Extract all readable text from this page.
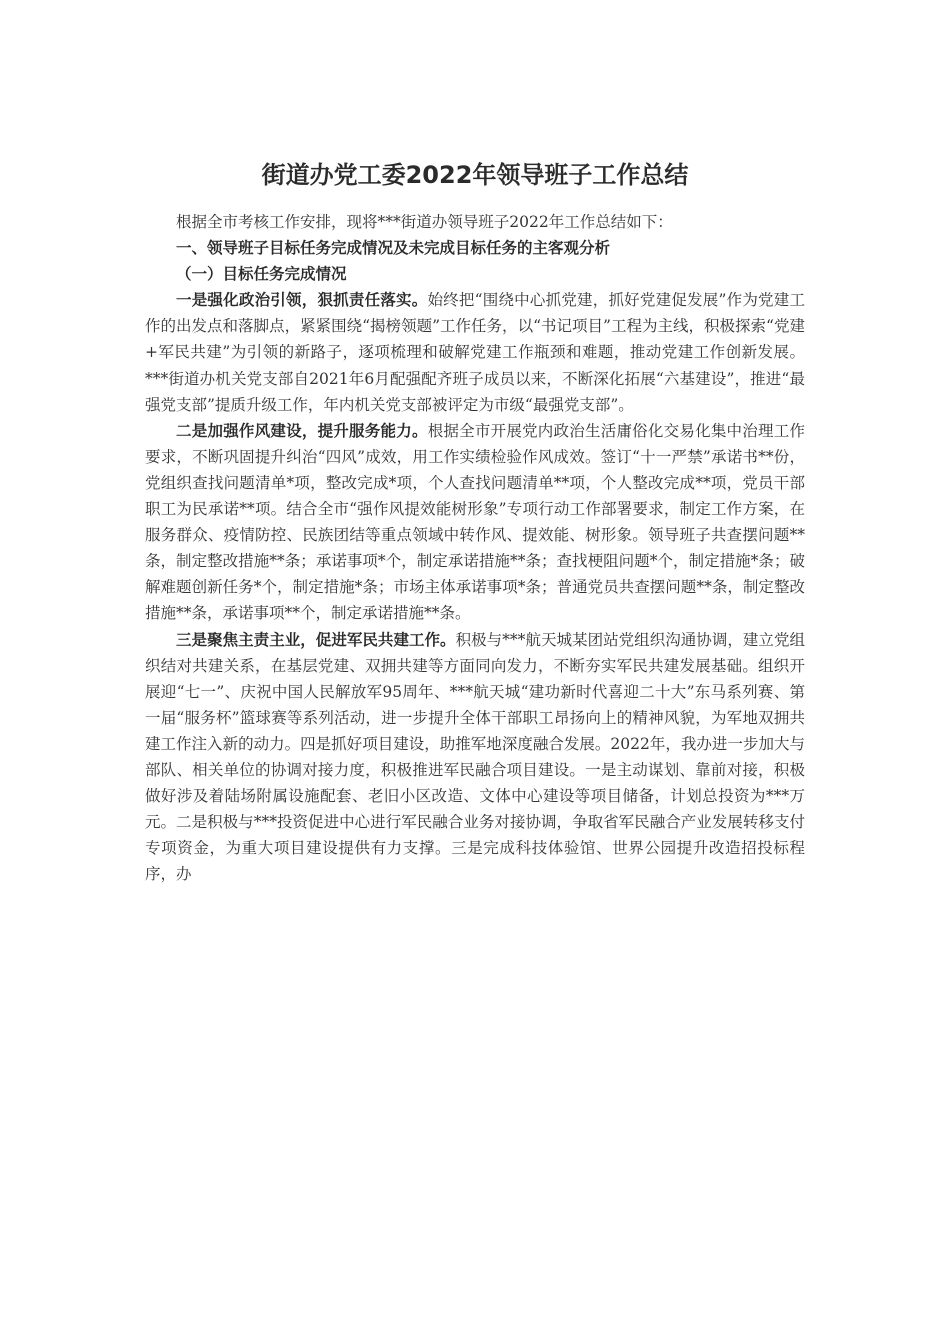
街道办党工委2022年领导班子工作总结

根据全市考核工作安排，现将***街道办领导班子2022年工作总结如下：

一、领导班子目标任务完成情况及未完成目标任务的主客观分析

（一）目标任务完成情况

一是强化政治引领，狠抓责任落实。始终把“围绕中心抓党建，抓好党建促发展”作为党建工作的出发点和落脚点，紧紧围绕“揭榜领题”工作任务，以“书记项目”工程为主线，积极探索“党建+军民共建”为引领的新路子，逐项梳理和破解党建工作瓶颈和难题，推动党建工作创新发展。***街道办机关党支部自2021年6月配强配齐班子成员以来，不断深化拓展“六基建设”，推进“最强党支部”提质升级工作，年内机关党支部被评定为市级“最强党支部”。

二是加强作风建设，提升服务能力。根据全市开展党内政治生活庸俗化交易化集中治理工作要求，不断巩固提升纠治“四风”成效，用工作实绩检验作风成效。签订“十一严禁”承诺书**份，党组织查找问题清单*项，整改完成*项，个人查找问题清单**项，个人整改完成**项，党员干部职工为民承诺**项。结合全市“强作风提效能树形象”专项行动工作部署要求，制定工作方案，在服务群众、疫情防控、民族团结等重点领域中转作风、提效能、树形象。领导班子共查摆问题**条，制定整改措施**条；承诺事项*个，制定承诺措施**条；查找梗阻问题*个，制定措施*条；破解难题创新任务*个，制定措施*条；市场主体承诺事项*条；普通党员共查摆问题**条，制定整改措施**条，承诺事项**个，制定承诺措施**条。

三是聚焦主责主业，促进军民共建工作。积极与***航天城某团站党组织沟通协调，建立党组织结对共建关系，在基层党建、双拥共建等方面同向发力，不断夯实军民共建发展基础。组织开展迎“七一”、庆祝中国人民解放军95周年、***航天城“建功新时代喜迎二十大”东马系列赛、第一届“服务杯”篮球赛等系列活动，进一步提升全体干部职工昂扬向上的精神风貌，为军地双拥共建工作注入新的动力。四是抓好项目建设，助推军地深度融合发展。2022年，我办进一步加大与部队、相关单位的协调对接力度，积极推进军民融合项目建设。一是主动谋划、靠前对接，积极做好涉及着陆场附属设施配套、老旧小区改造、文体中心建设等项目储备，计划总投资为***万元。二是积极与***投资促进中心进行军民融合业务对接协调，争取省军民融合产业发展转移支付专项资金，为重大项目建设提供有力支撑。三是完成科技体验馆、世界公园提升改造招投标程序，办
